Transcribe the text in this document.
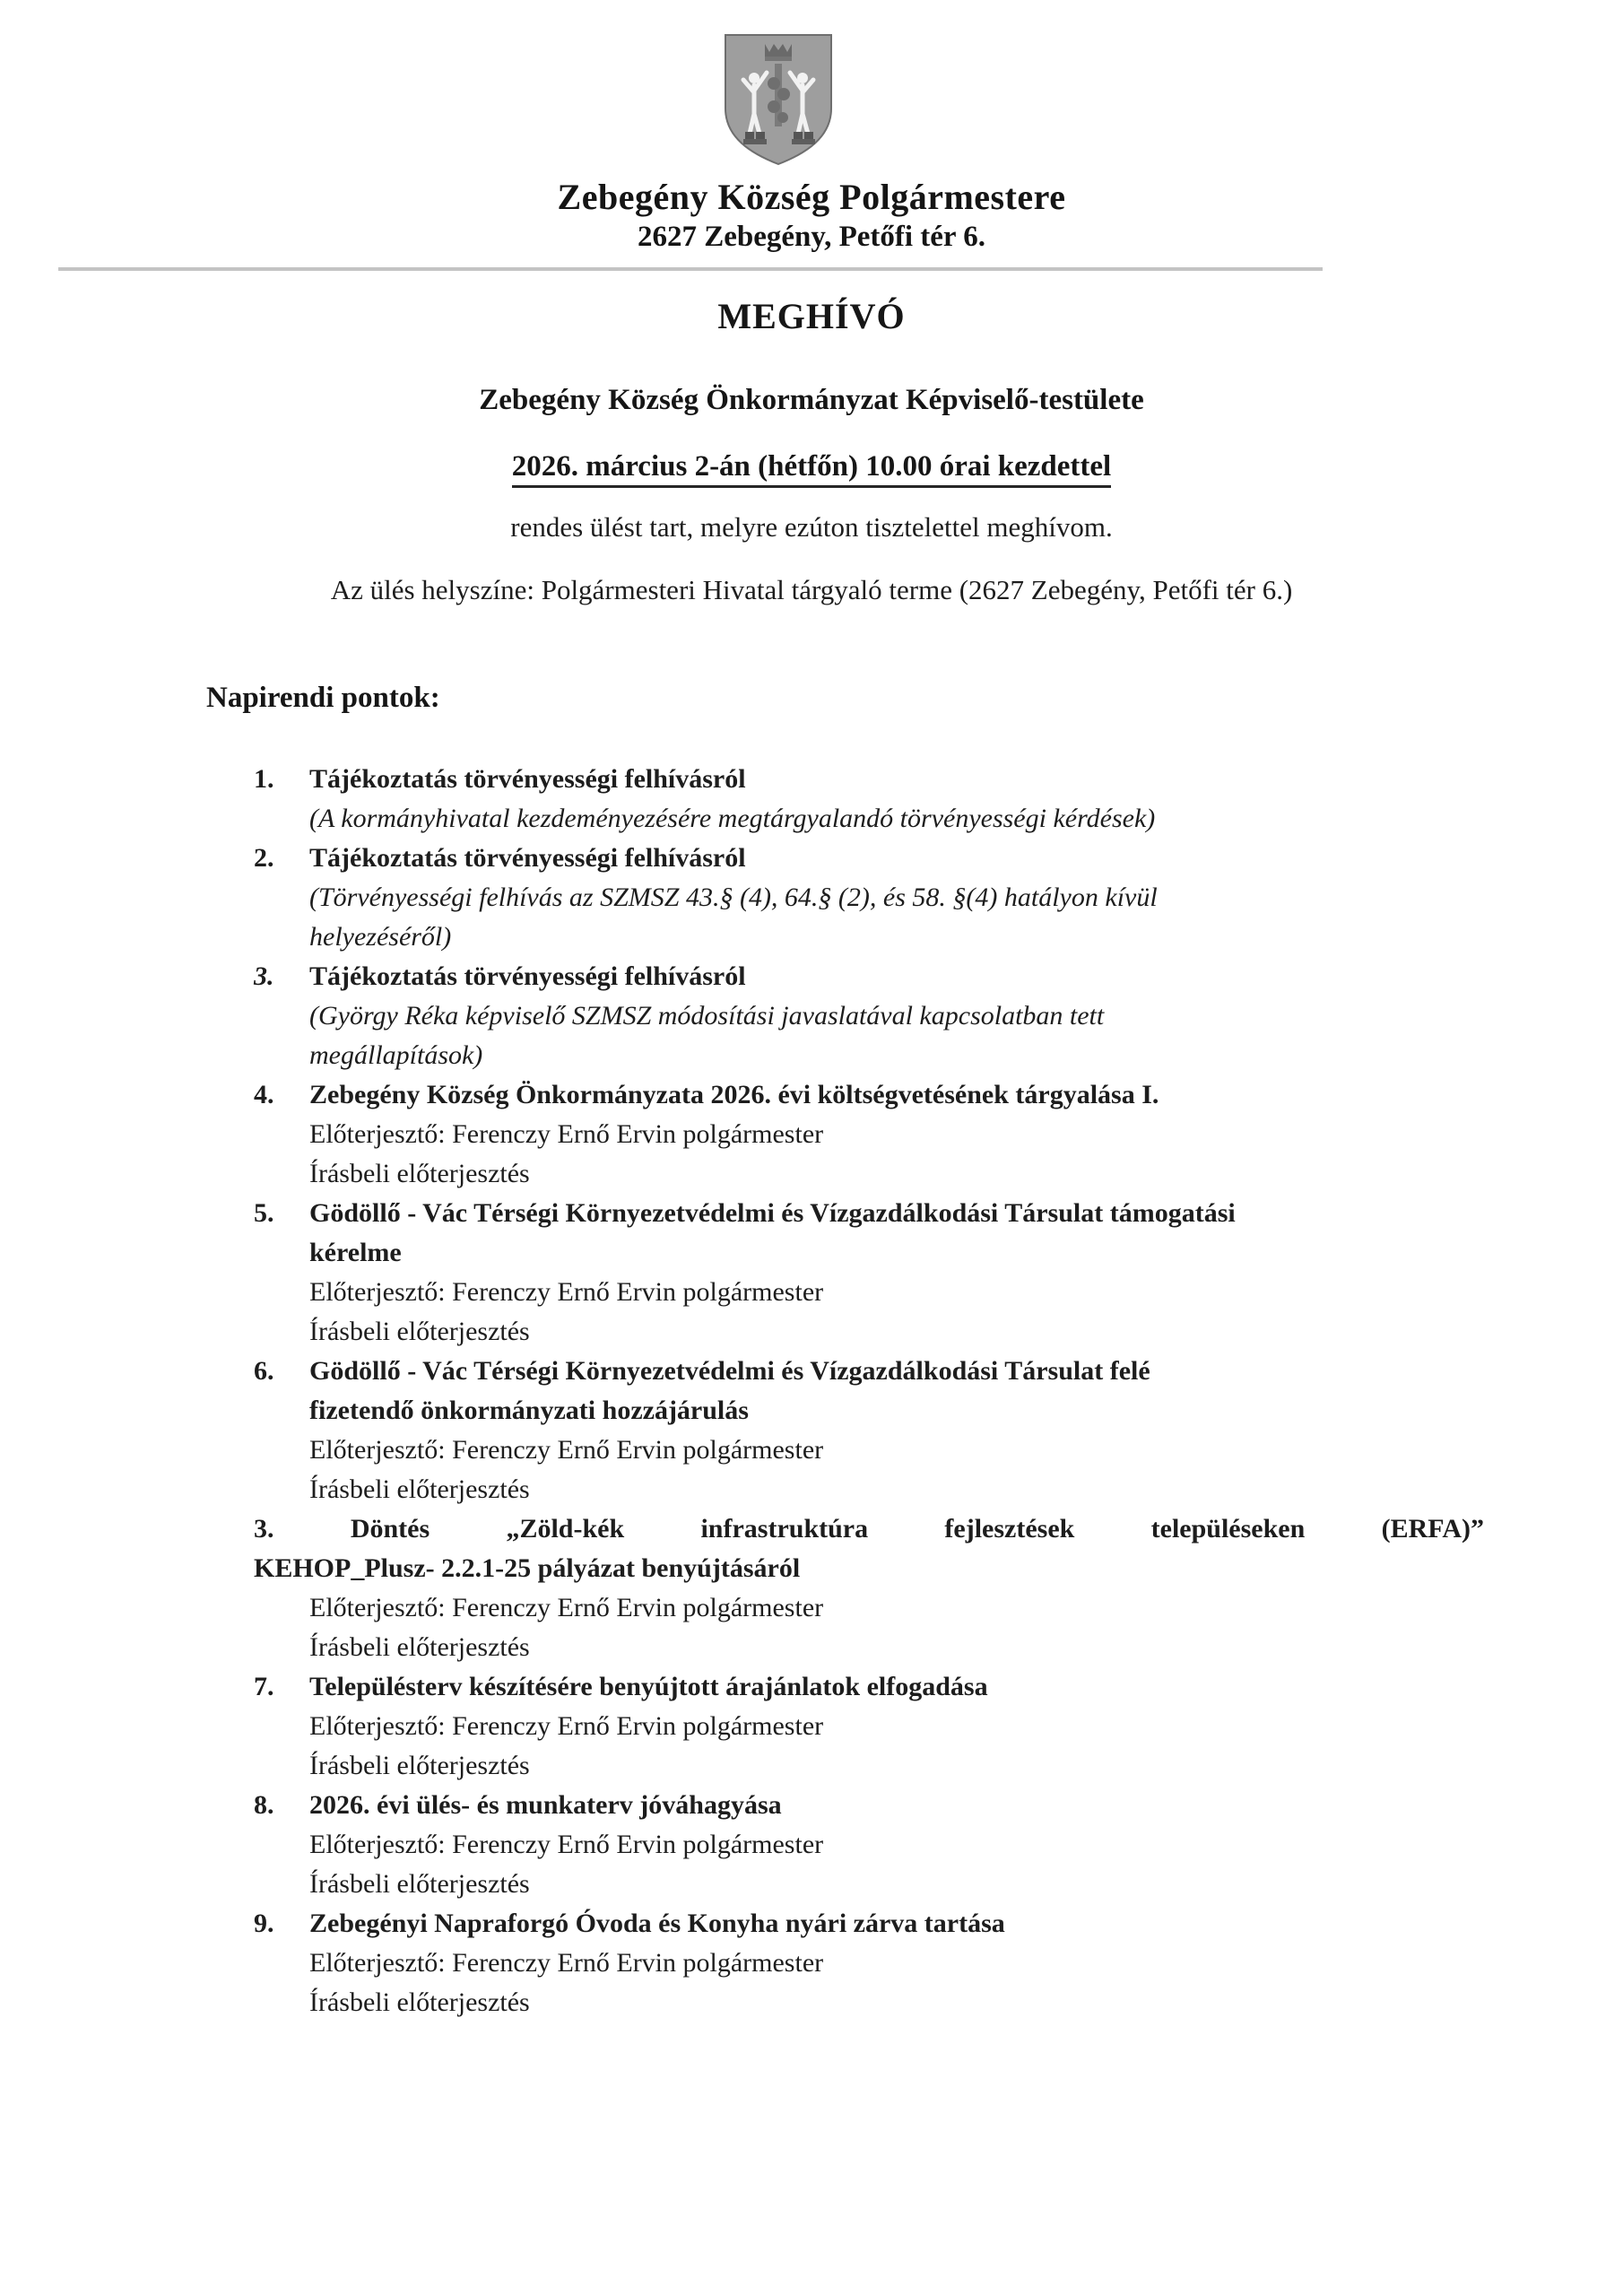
Zebegény Község Polgármestere
2627 Zebegény, Petőfi tér 6.
MEGHÍVÓ
Zebegény Község Önkormányzat Képviselő-testülete
2026. március 2-án (hétfőn) 10.00 órai kezdettel
rendes ülést tart, melyre ezúton tisztelettel meghívom.
Az ülés helyszíne: Polgármesteri Hivatal tárgyaló terme (2627 Zebegény, Petőfi tér 6.)
Napirendi pontok:
1.	Tájékoztatás törvényességi felhívásról
(A kormányhivatal kezdeményezésére megtárgyalandó törvényességi kérdések)
2.	Tájékoztatás törvényességi felhívásról
(Törvényességi felhívás az SZMSZ 43.§ (4), 64.§ (2), és 58. §(4) hatályon kívül
helyezéséről)
3.	Tájékoztatás törvényességi felhívásról
(György Réka képviselő SZMSZ módosítási javaslatával kapcsolatban tett
megállapítások)
4.	Zebegény Község Önkormányzata 2026. évi költségvetésének tárgyalása I.
Előterjesztő: Ferenczy Ernő Ervin polgármester
Írásbeli előterjesztés
5.	Gödöllő - Vác Térségi Környezetvédelmi és Vízgazdálkodási Társulat támogatási
kérelme
Előterjesztő: Ferenczy Ernő Ervin polgármester
Írásbeli előterjesztés
6.	Gödöllő - Vác Térségi Környezetvédelmi és Vízgazdálkodási Társulat felé
fizetendő önkormányzati hozzájárulás
Előterjesztő: Ferenczy Ernő Ervin polgármester
Írásbeli előterjesztés
3.	Döntés „Zöld-kék infrastruktúra fejlesztések településeken (ERFA)”
KEHOP_Plusz- 2.2.1-25 pályázat benyújtásáról
Előterjesztő: Ferenczy Ernő Ervin polgármester
Írásbeli előterjesztés
7.	Településterv készítésére benyújtott árajánlatok elfogadása
Előterjesztő: Ferenczy Ernő Ervin polgármester
Írásbeli előterjesztés
8.	2026. évi ülés- és munkaterv jóváhagyása
Előterjesztő: Ferenczy Ernő Ervin polgármester
Írásbeli előterjesztés
9.	Zebegényi Napraforgó Óvoda és Konyha nyári zárva tartása
Előterjesztő: Ferenczy Ernő Ervin polgármester
Írásbeli előterjesztés
